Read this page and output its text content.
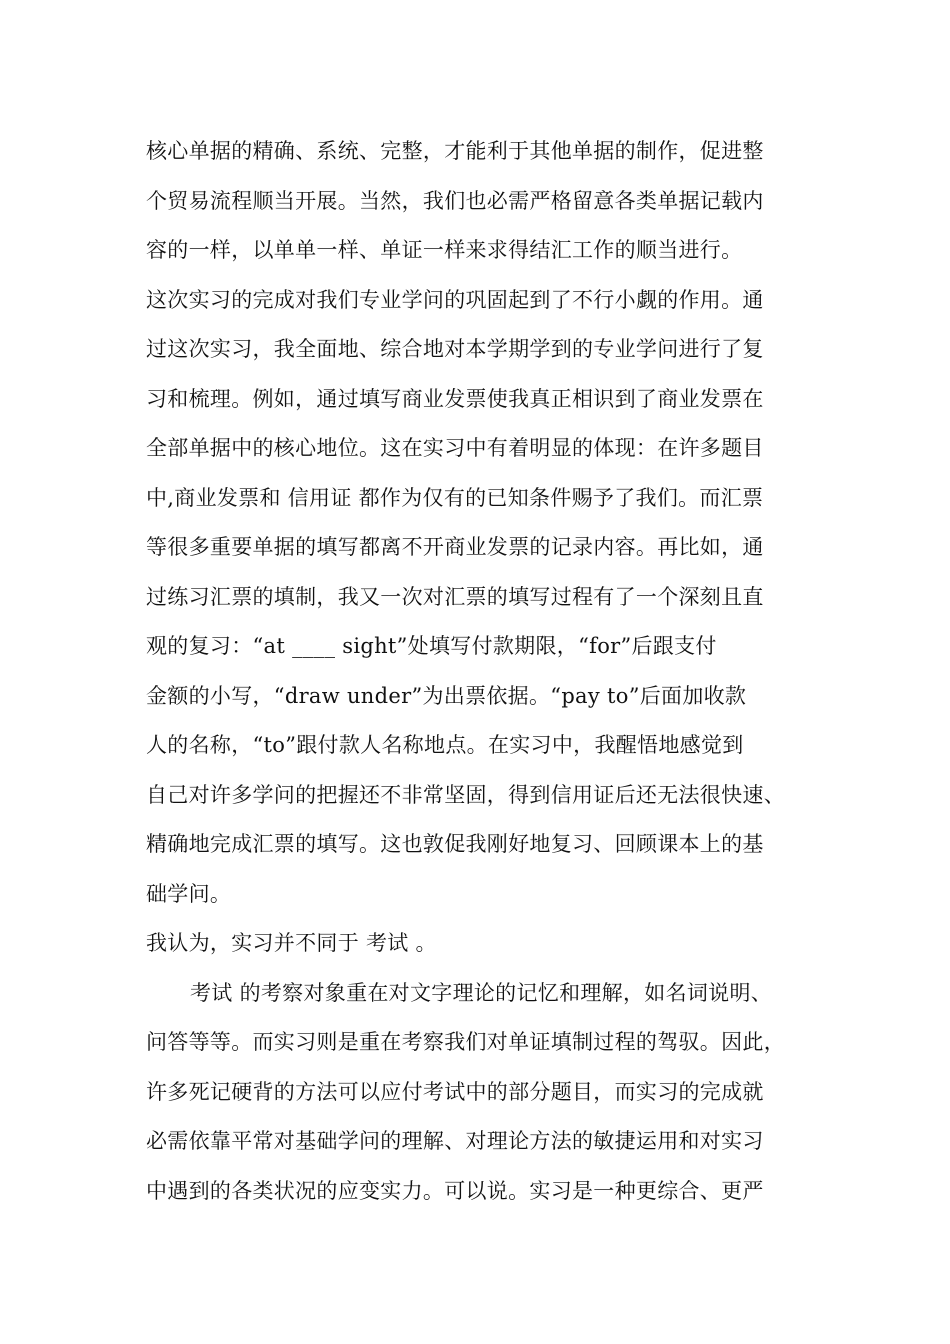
核心单据的精确、系统、完整，才能利于其他单据的制作，促进整
个贸易流程顺当开展。当然，我们也必需严格留意各类单据记载内
容的一样，以单单一样、单证一样来求得结汇工作的顺当进行。
这次实习的完成对我们专业学问的巩固起到了不行小觑的作用。通
过这次实习，我全面地、综合地对本学期学到的专业学问进行了复
习和梳理。例如，通过填写商业发票使我真正相识到了商业发票在
全部单据中的核心地位。这在实习中有着明显的体现：在许多题目
中,商业发票和 信用证 都作为仅有的已知条件赐予了我们。而汇票
等很多重要单据的填写都离不开商业发票的记录内容。再比如，通
过练习汇票的填制，我又一次对汇票的填写过程有了一个深刻且直
观的复习：“at ____ sight”处填写付款期限，“for”后跟支付
金额的小写，“draw under”为出票依据。“pay to”后面加收款
人的名称，“to”跟付款人名称地点。在实习中，我醒悟地感觉到
自己对许多学问的把握还不非常坚固，得到信用证后还无法很快速、
精确地完成汇票的填写。这也敦促我刚好地复习、回顾课本上的基
础学问。
我认为，实习并不同于 考试 。
考试 的考察对象重在对文字理论的记忆和理解，如名词说明、
问答等等。而实习则是重在考察我们对单证填制过程的驾驭。因此，
许多死记硬背的方法可以应付考试中的部分题目，而实习的完成就
必需依靠平常对基础学问的理解、对理论方法的敏捷运用和对实习
中遇到的各类状况的应变实力。可以说。实习是一种更综合、更严
